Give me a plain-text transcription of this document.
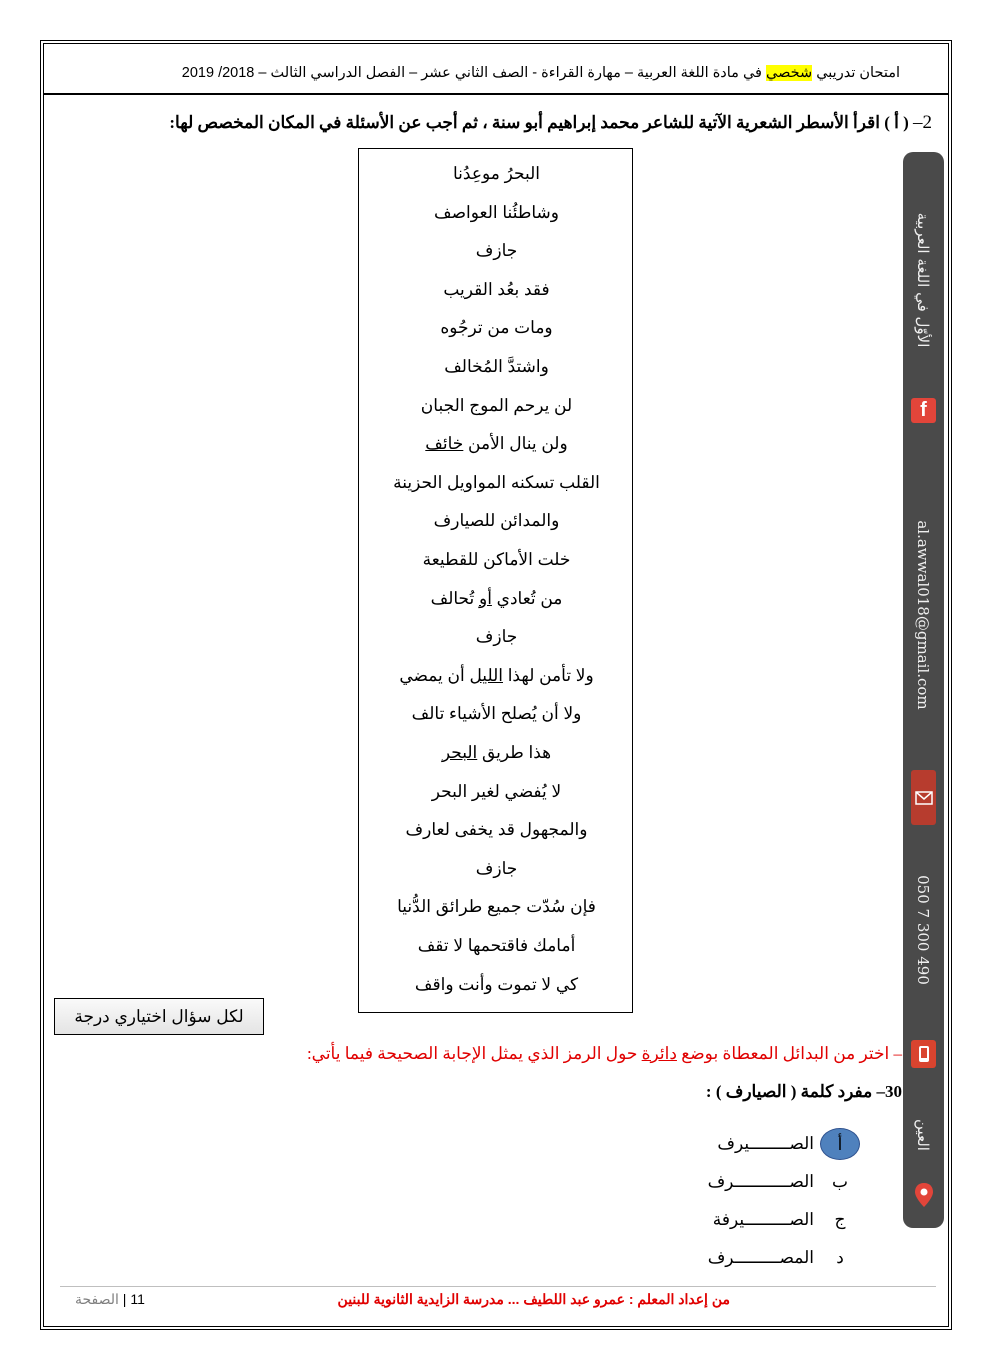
امتحان تدريبي شخصي في مادة اللغة العربية – مهارة القراءة - الصف الثاني عشر – الفصل الدراسي الثالث – 2018/ 2019
2– ( أ ) اقرأ الأسطر الشعرية الآتية للشاعر محمد إبراهيم أبو سنة ، ثم أجب عن الأسئلة في المكان المخصص لها:
البحرُ موعِدُنا
وشاطئُنا العواصف
جازف
فقد بعُد القريب
ومات من ترجُوه
واشتدَّ المُخالف
لن يرحم الموج الجبان
ولن ينال الأمن خائف
القلب تسكنه المواويل الحزينة
والمدائن للصيارف
خلت الأماكن للقطيعة
من تُعادي أو تُحالف
جازف
ولا تأمن لهذا الليل أن يمضي
ولا أن يُصلح الأشياء تالف
هذا طريق البحر
لا يُفضي لغير البحر
والمجهول قد يخفى لعارف
جازف
فإن سُدّت جميع طرائق الدُّنيا
أمامك فاقتحمها لا تقف
كي لا تموت وأنت واقف
الأوّل في اللغة العربية
f
al.awwal018@gmail.com
050 7 300 490
العين
لكل سؤال اختياري درجة
– اختر من البدائل المعطاة بوضع دائرة حول الرمز الذي يمثل الإجابة الصحيحة فيما يأتي:
30– مفرد كلمة ( الصيارف ) :
أ
الصــــــــيرف
ب
الصـــــــــــرف
ج
الصـــــــــيرفة
د
المصـــــــــرف
11 | الصفحة	من إعداد المعلم : عمرو عبد اللطيف ... مدرسة الزايدية الثانوية للبنين
